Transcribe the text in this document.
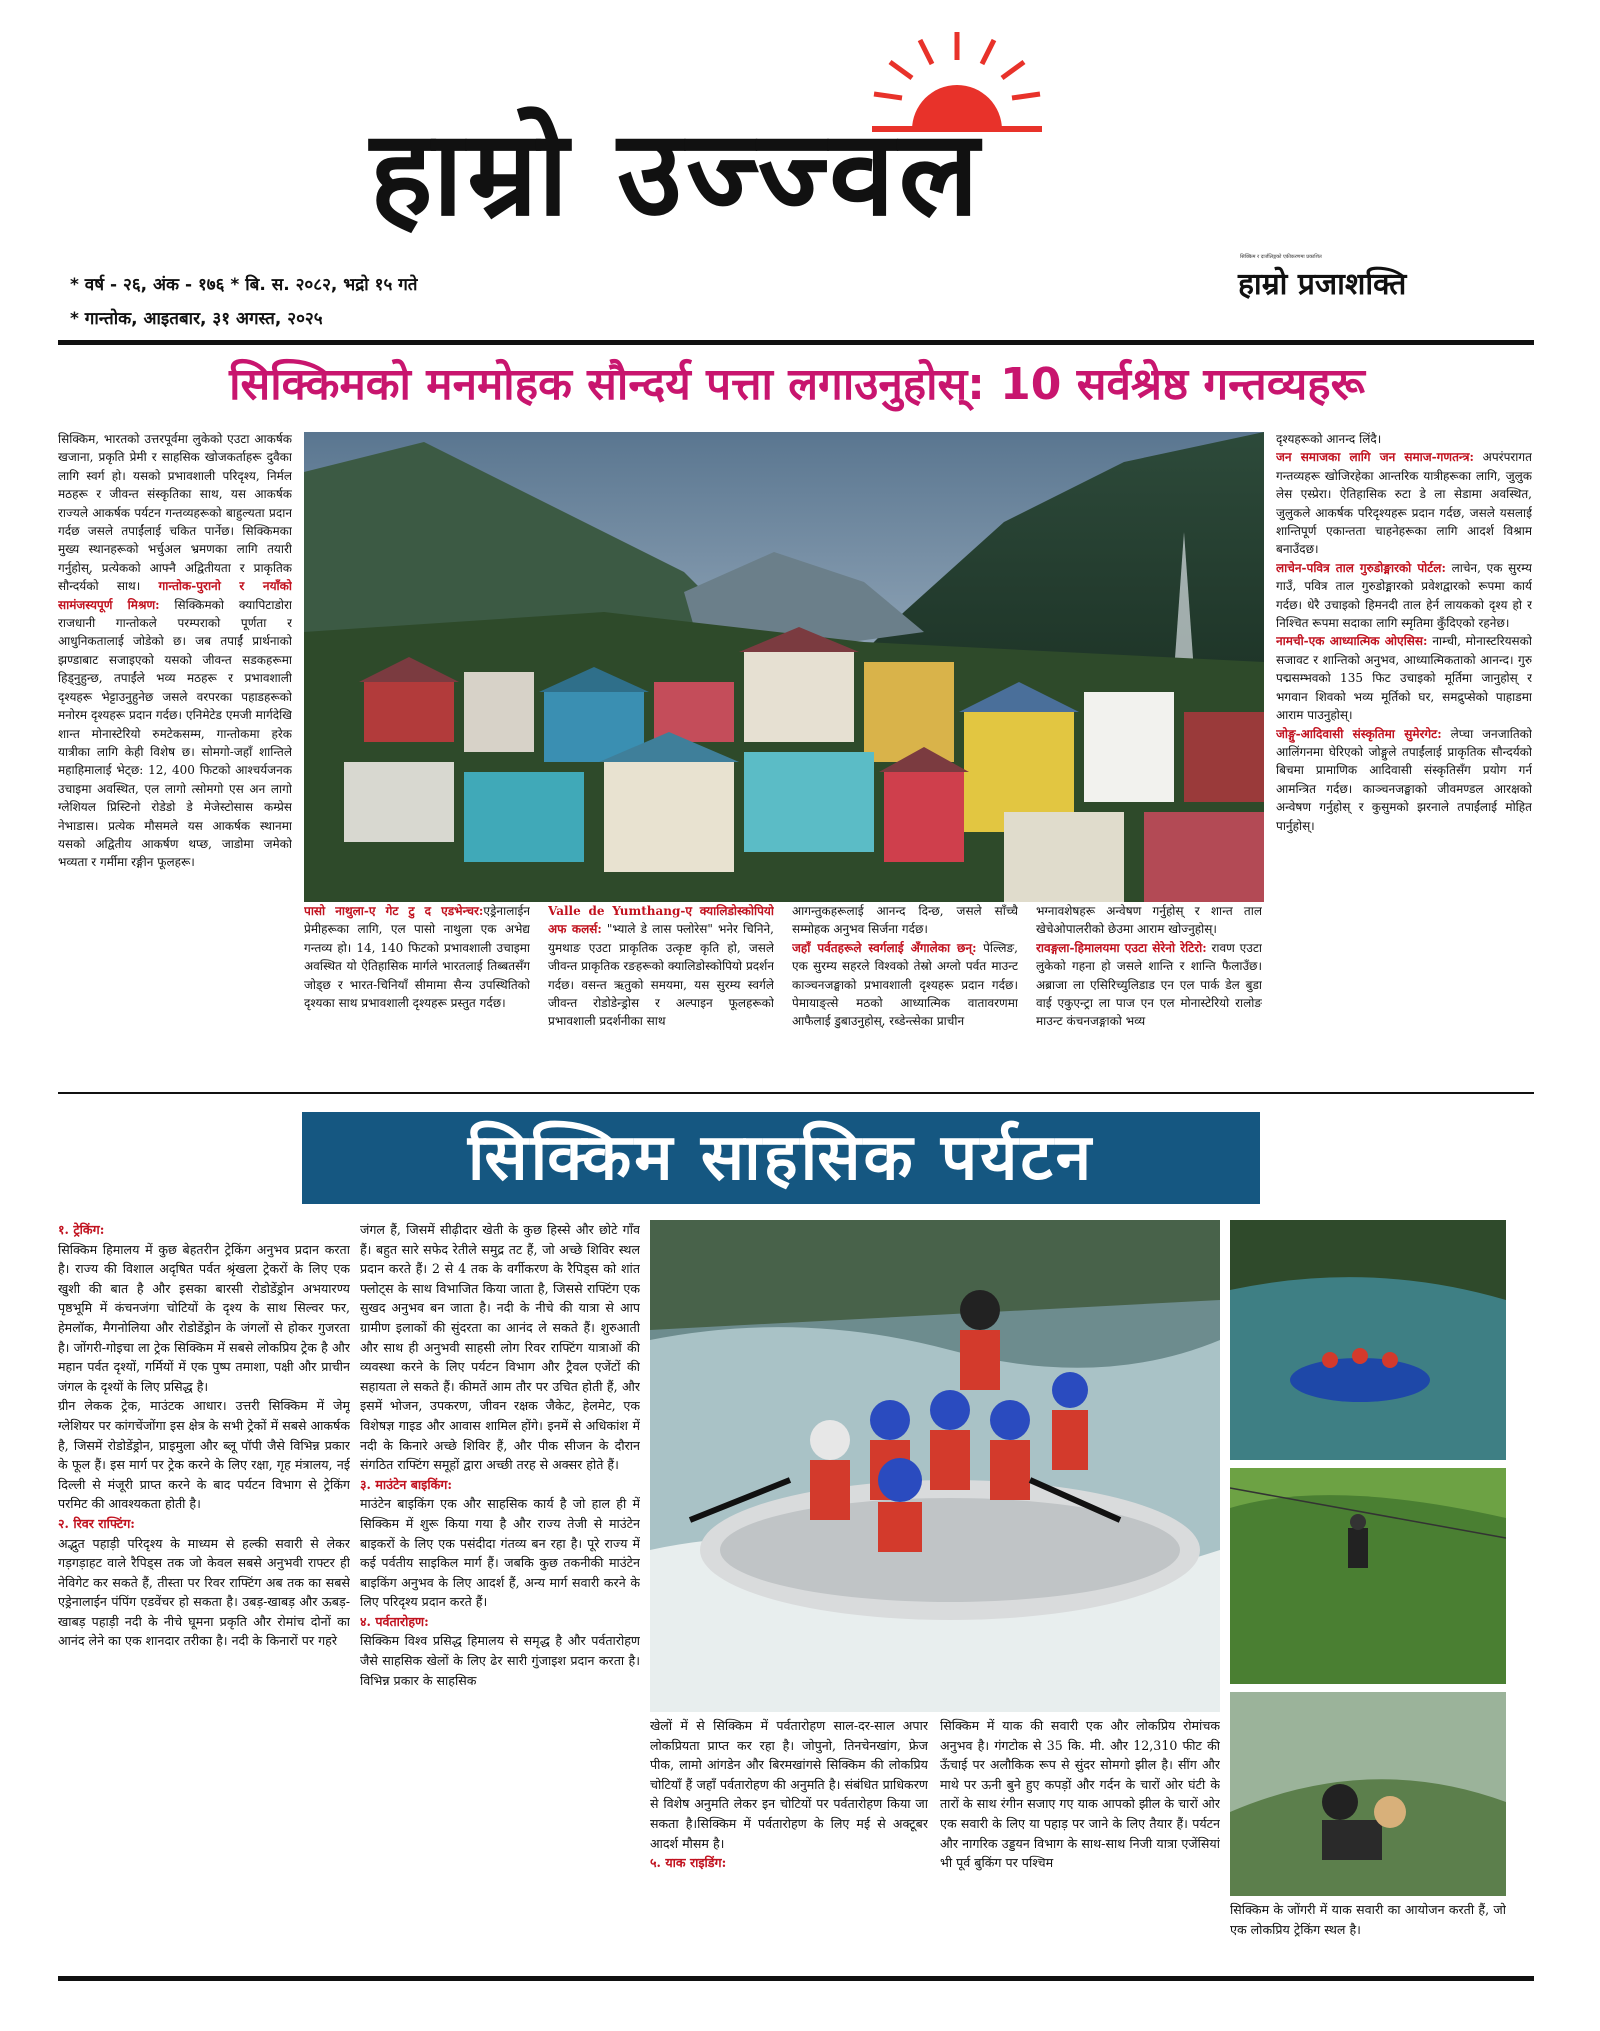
हाम्रो उज्ज्वल
* वर्ष - २६, अंक - १७६ * बि. स. २०८२, भद्रो १५ गते
* गान्तोक, आइतबार, ३१ अगस्त, २०२५
सिक्किम र दार्जलिङ्गको एकीकरणमा प्रकाशित
हाम्रो प्रजाशक्ति
सिक्किमको मनमोहक सौन्दर्य पत्ता लगाउनुहोस्: 10 सर्वश्रेष्ठ गन्तव्यहरू

सिक्किम, भारतको उत्तरपूर्वमा लुकेको एउटा आकर्षक खजाना, प्रकृति प्रेमी र साहसिक खोजकर्ताहरू दुवैका लागि स्वर्ग हो। यसको प्रभावशाली परिदृश्य, निर्मल मठहरू र जीवन्त संस्कृतिका साथ, यस आकर्षक राज्यले आकर्षक पर्यटन गन्तव्यहरूको बाहुल्यता प्रदान गर्दछ जसले तपाईंलाई चकित पार्नेछ। सिक्किमका मुख्य स्थानहरूको भर्चुअल भ्रमणका लागि तयारी गर्नुहोस्, प्रत्येकको आफ्नै अद्वितीयता र प्राकृतिक सौन्दर्यको साथ। गान्तोक-पुरानो र नयाँको सामंजस्यपूर्ण मिश्रण: सिक्किमको क्यापिटाडोरा राजधानी गान्तोकले परम्पराको पूर्णता र आधुनिकतालाई जोडेको छ। जब तपाईं प्रार्थनाको झण्डाबाट सजाइएको यसको जीवन्त सडकहरूमा हिड्नुहुन्छ, तपाईंले भव्य मठहरू र प्रभावशाली दृश्यहरू भेट्टाउनुहुनेछ जसले वरपरका पहाडहरूको मनोरम दृश्यहरू प्रदान गर्दछ। एनिमेटेड एमजी मार्गदेखि शान्त मोनास्टेरियो रुमटेकसम्म, गान्तोकमा हरेक यात्रीका लागि केही विशेष छ। सोमगो-जहाँ शान्तिले महाहिमालाई भेट्छ: 12, 400 फिटको आश्चर्यजनक उचाइमा अवस्थित, एल लागो त्सोमगो एस अन लागो ग्लेशियल प्रिस्टिनो रोडेडो डे मेजेस्टोसास कम्प्रेस नेभाडास। प्रत्येक मौसमले यस आकर्षक स्थानमा यसको अद्वितीय आकर्षण थप्छ, जाडोमा जमेको भव्यता र गर्मीमा रङ्गीन फूलहरू।

पासो नाथुला-ए गेट टु द एडभेन्चर:एड्रेनालाईन प्रेमीहरूका लागि, एल पासो नाथुला एक अभेद्य गन्तव्य हो। 14, 140 फिटको प्रभावशाली उचाइमा अवस्थित यो ऐतिहासिक मार्गले भारतलाई तिब्बतसँग जोड्छ र भारत-चिनियाँ सीमामा सैन्य उपस्थितिको दृश्यका साथ प्रभावशाली दृश्यहरू प्रस्तुत गर्दछ।

Valle de Yumthang-ए क्यालिडोस्कोपियो अफ कलर्स: "भ्याले डे लास फ्लोरेस" भनेर चिनिने, युमथाङ एउटा प्राकृतिक उत्कृष्ट कृति हो, जसले जीवन्त प्राकृतिक रङहरूको क्यालिडोस्कोपियो प्रदर्शन गर्दछ। वसन्त ऋतुको समयमा, यस सुरम्य स्वर्गले जीवन्त रोडोडेन्ड्रोस र अल्पाइन फूलहरूको प्रभावशाली प्रदर्शनीका साथ

आगन्तुकहरूलाई आनन्द दिन्छ, जसले साँच्चै सम्मोहक अनुभव सिर्जना गर्दछ।
जहाँ पर्वतहरूले स्वर्गलाई अँगालेका छन्: पेल्लिङ, एक सुरम्य सहरले विश्वको तेस्रो अग्लो पर्वत माउन्ट काञ्चनजङ्घाको प्रभावशाली दृश्यहरू प्रदान गर्दछ। पेमायाङ्त्से मठको आध्यात्मिक वातावरणमा आफैलाई डुबाउनुहोस्, रब्डेन्त्सेका प्राचीन

भग्नावशेषहरू अन्वेषण गर्नुहोस् र शान्त ताल खेचेओपालरीको छेउमा आराम खोज्नुहोस्।
रावङ्गला-हिमालयमा एउटा सेरेनो रेटिरो: रावण एउटा लुकेको गहना हो जसले शान्ति र शान्ति फैलाउँछ। अब्राजा ला एसिरिच्युलिडाड एन एल पार्क डेल बुडा वाई एकुएन्ट्रा ला पाज एन एल मोनास्टेरियो रालोङ माउन्ट कंचनजङ्गाको भव्य

दृश्यहरूको आनन्द लिंदै।
जन समाजका लागि जन समाज-गणतन्त्र: अपरंपरागत गन्तव्यहरू खोजिरहेका आन्तरिक यात्रीहरूका लागि, जुलुक लेस एस्प्रेरा। ऐतिहासिक रुटा डे ला सेडामा अवस्थित, जुलुकले आकर्षक परिदृश्यहरू प्रदान गर्दछ, जसले यसलाई शान्तिपूर्ण एकान्तता चाहनेहरूका लागि आदर्श विश्राम बनाउँदछ।
लाचेन-पवित्र ताल गुरुडोङ्मारको पोर्टल: लाचेन, एक सुरम्य गाउँ, पवित्र ताल गुरुडोङ्मारको प्रवेशद्वारको रूपमा कार्य गर्दछ। धेरै उचाइको हिमनदी ताल हेर्न लायकको दृश्य हो र निश्चित रूपमा सदाका लागि स्मृतिमा कुँदिएको रहनेछ।
नामची-एक आध्यात्मिक ओएसिस: नाम्ची, मोनास्टरियसको सजावट र शान्तिको अनुभव, आध्यात्मिकताको आनन्द। गुरु पद्मसम्भवको 135 फिट उचाइको मूर्तिमा जानुहोस् र भगवान शिवको भव्य मूर्तिको घर, समद्रुप्सेको पाहाडमा आराम पाउनुहोस्।
जोङ्गु-आदिवासी संस्कृतिमा सुमेरगेट: लेप्चा जनजातिको आलिंगनमा घेरिएको जोङ्गुले तपाईंलाई प्राकृतिक सौन्दर्यको बिचमा प्रामाणिक आदिवासी संस्कृतिसँग प्रयोग गर्न आमन्त्रित गर्दछ। काञ्चनजङ्घाको जीवमण्डल आरक्षको अन्वेषण गर्नुहोस् र कुसुमको झरनाले तपाईंलाई मोहित पार्नुहोस्।

सिक्किम साहसिक पर्यटन

१. ट्रेकिंग:
सिक्किम हिमालय में कुछ बेहतरीन ट्रेकिंग अनुभव प्रदान करता है। राज्य की विशाल अदृषित पर्वत श्रृंखला ट्रेकरों के लिए एक खुशी की बात है और इसका बारसी रोडोडेंड्रोन अभयारण्य पृष्ठभूमि में कंचनजंगा चोटियों के दृश्य के साथ सिल्वर फर, हेमलॉक, मैगनोलिया और रोडोडेंड्रोन के जंगलों से होकर गुजरता है। जोंगरी-गोइचा ला ट्रेक सिक्किम में सबसे लोकप्रिय ट्रेक है और महान पर्वत दृश्यों, गर्मियों में एक पुष्प तमाशा, पक्षी और प्राचीन जंगल के दृश्यों के लिए प्रसिद्ध है।
ग्रीन लेकक ट्रेक, माउंटक आधार। उत्तरी सिक्किम में जेमू ग्लेशियर पर कांगचेंजोंगा इस क्षेत्र के सभी ट्रेकों में सबसे आकर्षक है, जिसमें रोडोडेंड्रोन, प्राइमुला और ब्लू पॉपी जैसे विभिन्न प्रकार के फूल हैं। इस मार्ग पर ट्रेक करने के लिए रक्षा, गृह मंत्रालय, नई दिल्ली से मंजूरी प्राप्त करने के बाद पर्यटन विभाग से ट्रेकिंग परमिट की आवश्यकता होती है।
२. रिवर राफ्टिंग:
अद्भुत पहाड़ी परिदृश्य के माध्यम से हल्की सवारी से लेकर गड़गड़ाहट वाले रैपिड्स तक जो केवल सबसे अनुभवी राफ्टर ही नेविगेट कर सकते हैं, तीस्ता पर रिवर राफ्टिंग अब तक का सबसे एड्रेनालाईन पंपिंग एडवेंचर हो सकता है। उबड़-खाबड़ और ऊबड़-खाबड़ पहाड़ी नदी के नीचे घूमना प्रकृति और रोमांच दोनों का आनंद लेने का एक शानदार तरीका है। नदी के किनारों पर गहरे

जंगल हैं, जिसमें सीढ़ीदार खेती के कुछ हिस्से और छोटे गाँव हैं। बहुत सारे सफेद रेतीले समुद्र तट हैं, जो अच्छे शिविर स्थल प्रदान करते हैं। 2 से 4 तक के वर्गीकरण के रैपिड्स को शांत फ्लोट्स के साथ विभाजित किया जाता है, जिससे राफ्टिंग एक सुखद अनुभव बन जाता है। नदी के नीचे की यात्रा से आप ग्रामीण इलाकों की सुंदरता का आनंद ले सकते हैं। शुरुआती और साथ ही अनुभवी साहसी लोग रिवर राफ्टिंग यात्राओं की व्यवस्था करने के लिए पर्यटन विभाग और ट्रैवल एजेंटों की सहायता ले सकते हैं। कीमतें आम तौर पर उचित होती हैं, और इसमें भोजन, उपकरण, जीवन रक्षक जैकेट, हेलमेट, एक विशेषज्ञ गाइड और आवास शामिल होंगे। इनमें से अधिकांश में नदी के किनारे अच्छे शिविर हैं, और पीक सीजन के दौरान संगठित राफ्टिंग समूहों द्वारा अच्छी तरह से अक्सर होते हैं।
३. माउंटेन बाइकिंग:
माउंटेन बाइकिंग एक और साहसिक कार्य है जो हाल ही में सिक्किम में शुरू किया गया है और राज्य तेजी से माउंटेन बाइकरों के लिए एक पसंदीदा गंतव्य बन रहा है। पूरे राज्य में कई पर्वतीय साइकिल मार्ग हैं। जबकि कुछ तकनीकी माउंटेन बाइकिंग अनुभव के लिए आदर्श हैं, अन्य मार्ग सवारी करने के लिए परिदृश्य प्रदान करते हैं।
४. पर्वतारोहण:
सिक्किम विश्व प्रसिद्ध हिमालय से समृद्ध है और पर्वतारोहण जैसे साहसिक खेलों के लिए ढेर सारी गुंजाइश प्रदान करता है। विभिन्न प्रकार के साहसिक

खेलों में से सिक्किम में पर्वतारोहण साल-दर-साल अपार लोकप्रियता प्राप्त कर रहा है। जोपुनो, तिनचेनखांग, फ्रेज पीक, लामो आंगडेन और बिरमखांगसे सिक्किम की लोकप्रिय चोटियाँ हैं जहाँ पर्वतारोहण की अनुमति है। संबंधित प्राधिकरण से विशेष अनुमति लेकर इन चोटियों पर पर्वतारोहण किया जा सकता है।सिक्किम में पर्वतारोहण के लिए मई से अक्टूबर आदर्श मौसम है।
५. याक राइडिंग:

सिक्किम में याक की सवारी एक और लोकप्रिय रोमांचक अनुभव है। गंगटोक से 35 कि. मी. और 12,310 फीट की ऊँचाई पर अलौकिक रूप से सुंदर सोमगो झील है। सींग और माथे पर ऊनी बुने हुए कपड़ों और गर्दन के चारों ओर घंटी के तारों के साथ रंगीन सजाए गए याक आपको झील के चारों ओर एक सवारी के लिए या पहाड़ पर जाने के लिए तैयार हैं। पर्यटन और नागरिक उड्डयन विभाग के साथ-साथ निजी यात्रा एजेंसियां भी पूर्व बुकिंग पर पश्चिम

सिक्किम के जोंगरी में याक सवारी का आयोजन करती हैं, जो एक लोकप्रिय ट्रेकिंग स्थल है।
